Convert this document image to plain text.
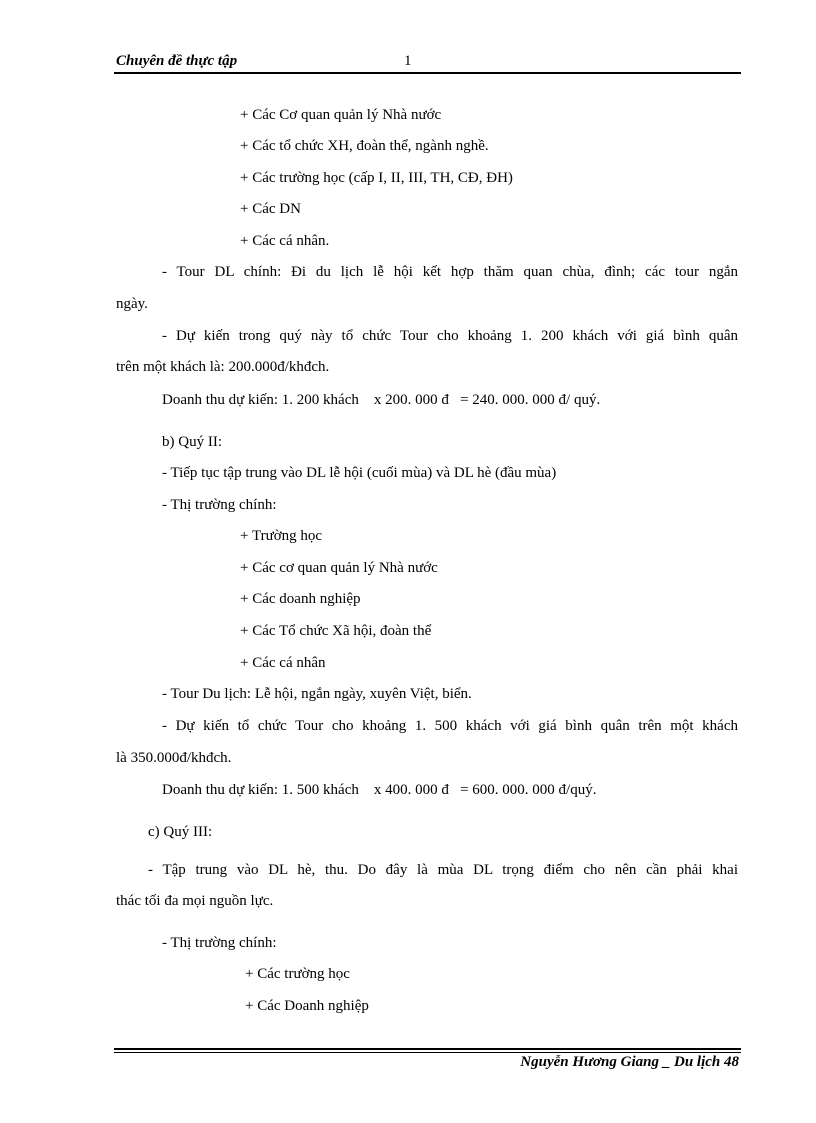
Chuyên đề thực tập	1
+ Các Cơ quan quản lý Nhà nước
+ Các tổ chức XH, đoàn thể, ngành nghề.
+ Các trường học (cấp I, II, III, TH, CĐ, ĐH)
+ Các DN
+ Các cá nhân.
- Tour DL chính: Đi du lịch lễ hội kết hợp thăm quan chùa, đình; các tour ngắn
ngày.
- Dự kiến trong quý này tổ chức Tour cho khoảng 1. 200 khách với giá bình quân
trên một khách là: 200.000đ/khđch.
Doanh thu dự kiến: 1. 200 khách    x 200. 000 đ   = 240. 000. 000 đ/ quý.
b) Quý II:
- Tiếp tục tập trung vào DL lễ hội (cuối mùa) và DL hè (đầu mùa)
- Thị trường chính:
+ Trường học
+ Các cơ quan quản lý Nhà nước
+ Các doanh nghiệp
+ Các Tổ chức Xã hội, đoàn thể
+ Các cá nhân
- Tour Du lịch: Lễ hội, ngắn ngày, xuyên Việt, biển.
- Dự kiến tổ chức Tour cho khoảng 1. 500 khách với giá bình quân trên một khách
là 350.000đ/khđch.
Doanh thu dự kiến: 1. 500 khách    x 400. 000 đ   = 600. 000. 000 đ/quý.
c) Quý III:
- Tập trung vào DL hè, thu. Do đây là mùa DL trọng điểm cho nên cần phải khai
thác tối đa mọi nguồn lực.
- Thị trường chính:
+ Các trường học
+ Các Doanh nghiệp
Nguyễn Hương Giang _ Du lịch 48
